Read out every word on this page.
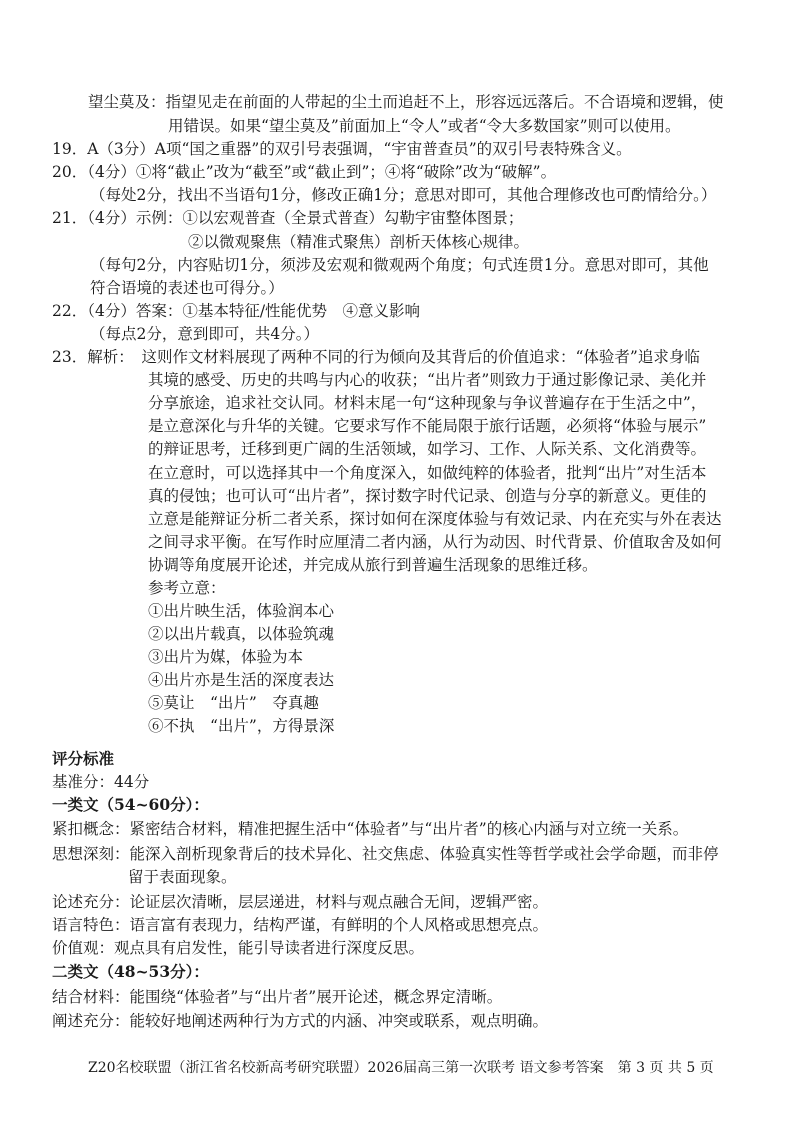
望尘莫及：指望见走在前面的人带起的尘土而追赶不上，形容远远落后。不合语境和逻辑，使
用错误。如果“望尘莫及”前面加上“令人”或者“令大多数国家”则可以使用。
19．A（3分）A项“国之重器”的双引号表强调，“宇宙普查员”的双引号表特殊含义。
20．（4分）①将“截止”改为“截至”或“截止到”；④将“破除”改为“破解”。
（每处2分，找出不当语句1分，修改正确1分；意思对即可，其他合理修改也可酌情给分。）
21．（4分）示例：①以宏观普查（全景式普查）勾勒宇宙整体图景；
②以微观聚焦（精准式聚焦）剖析天体核心规律。
（每句2分，内容贴切1分，须涉及宏观和微观两个角度；句式连贯1分。意思对即可，其他
符合语境的表述也可得分。）
22．（4分）答案：①基本特征/性能优势　④意义影响
（每点2分，意到即可，共4分。）
23．解析：　这则作文材料展现了两种不同的行为倾向及其背后的价值追求：“体验者”追求身临
其境的感受、历史的共鸣与内心的收获；“出片者”则致力于通过影像记录、美化并
分享旅途，追求社交认同。材料末尾一句“这种现象与争议普遍存在于生活之中”，
是立意深化与升华的关键。它要求写作不能局限于旅行话题，必须将“体验与展示”
的辩证思考，迁移到更广阔的生活领域，如学习、工作、人际关系、文化消费等。
在立意时，可以选择其中一个角度深入，如做纯粹的体验者，批判“出片”对生活本
真的侵蚀；也可认可“出片者”，探讨数字时代记录、创造与分享的新意义。更佳的
立意是能辩证分析二者关系，探讨如何在深度体验与有效记录、内在充实与外在表达
之间寻求平衡。在写作时应厘清二者内涵，从行为动因、时代背景、价值取舍及如何
协调等角度展开论述，并完成从旅行到普遍生活现象的思维迁移。
参考立意：
①出片映生活，体验润本心
②以出片载真，以体验筑魂
③出片为媒，体验为本
④出片亦是生活的深度表达
⑤莫让　“出片”　夺真趣
⑥不执　“出片”，方得景深
评分标准
基准分：44分
一类文（54~60分）：
紧扣概念：紧密结合材料，精准把握生活中“体验者”与“出片者”的核心内涵与对立统一关系。
思想深刻：能深入剖析现象背后的技术异化、社交焦虑、体验真实性等哲学或社会学命题，而非停
留于表面现象。
论述充分：论证层次清晰，层层递进，材料与观点融合无间，逻辑严密。
语言特色：语言富有表现力，结构严谨，有鲜明的个人风格或思想亮点。
价值观：观点具有启发性，能引导读者进行深度反思。
二类文（48~53分）：
结合材料：能围绕“体验者”与“出片者”展开论述，概念界定清晰。
阐述充分：能较好地阐述两种行为方式的内涵、冲突或联系，观点明确。
Z20名校联盟（浙江省名校新高考研究联盟）2026届高三第一次联考 语文参考答案　第 3 页 共 5 页
